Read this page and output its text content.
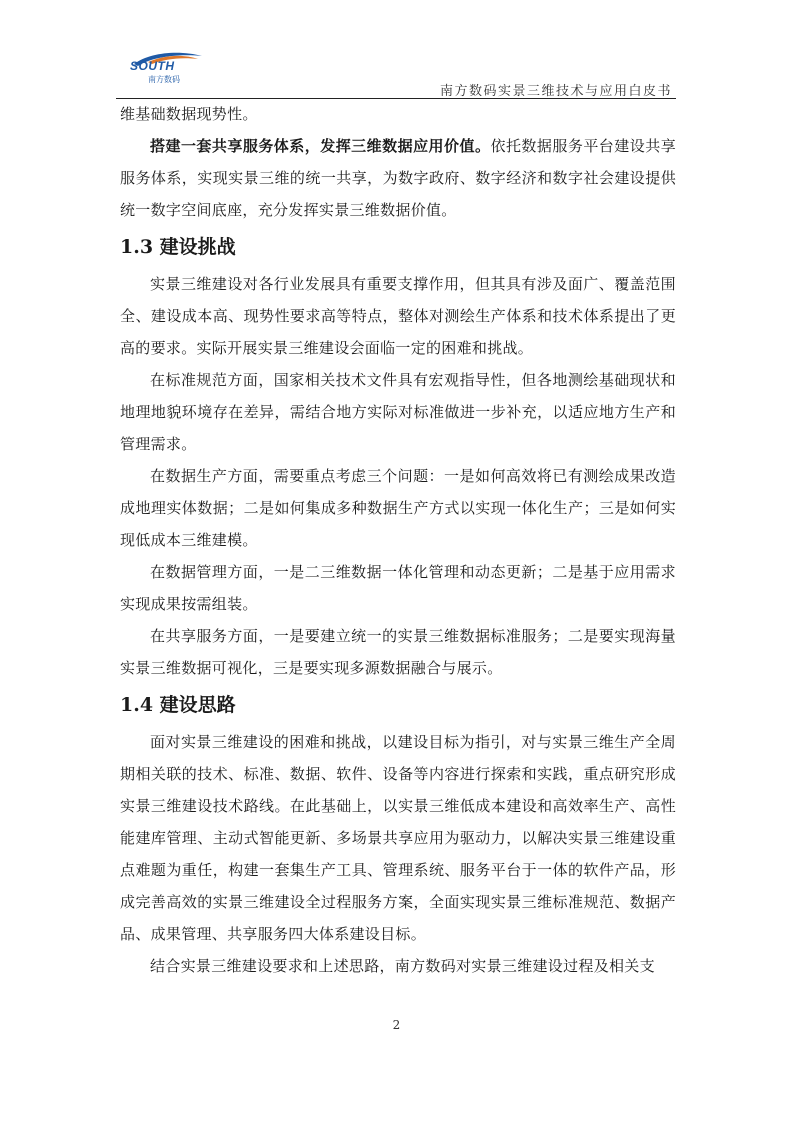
SOUTH
南方数码
南方数码实景三维技术与应用白皮书

维基础数据现势性。

搭建一套共享服务体系，发挥三维数据应用价值。依托数据服务平台建设共享服务体系，实现实景三维的统一共享，为数字政府、数字经济和数字社会建设提供统一数字空间底座，充分发挥实景三维数据价值。

1.3 建设挑战

实景三维建设对各行业发展具有重要支撑作用，但其具有涉及面广、覆盖范围全、建设成本高、现势性要求高等特点，整体对测绘生产体系和技术体系提出了更高的要求。实际开展实景三维建设会面临一定的困难和挑战。

在标准规范方面，国家相关技术文件具有宏观指导性，但各地测绘基础现状和地理地貌环境存在差异，需结合地方实际对标准做进一步补充，以适应地方生产和管理需求。

在数据生产方面，需要重点考虑三个问题：一是如何高效将已有测绘成果改造成地理实体数据；二是如何集成多种数据生产方式以实现一体化生产；三是如何实现低成本三维建模。

在数据管理方面，一是二三维数据一体化管理和动态更新；二是基于应用需求实现成果按需组装。

在共享服务方面，一是要建立统一的实景三维数据标准服务；二是要实现海量实景三维数据可视化，三是要实现多源数据融合与展示。

1.4 建设思路

面对实景三维建设的困难和挑战，以建设目标为指引，对与实景三维生产全周期相关联的技术、标准、数据、软件、设备等内容进行探索和实践，重点研究形成实景三维建设技术路线。在此基础上，以实景三维低成本建设和高效率生产、高性能建库管理、主动式智能更新、多场景共享应用为驱动力，以解决实景三维建设重点难题为重任，构建一套集生产工具、管理系统、服务平台于一体的软件产品，形成完善高效的实景三维建设全过程服务方案，全面实现实景三维标准规范、数据产品、成果管理、共享服务四大体系建设目标。

结合实景三维建设要求和上述思路，南方数码对实景三维建设过程及相关支

2
